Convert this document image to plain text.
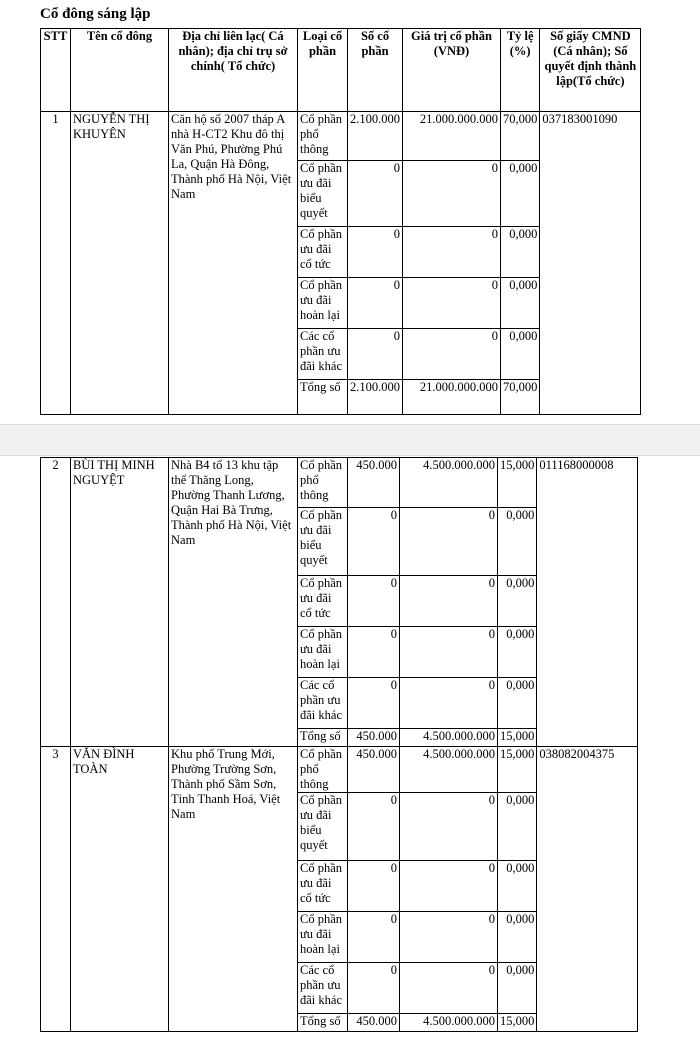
Cổ đông sáng lập
STT	Tên cổ đông	Địa chỉ liên lạc( Cá nhân); địa chỉ trụ sở chính( Tổ chức)	Loại cổ phần	Số cổ phần	Giá trị cổ phần (VNĐ)	Tỷ lệ (%)	Số giấy CMND (Cá nhân); Số quyết định thành lập(Tổ chức)
1	NGUYỄN THỊ KHUYÊN	Căn hộ số 2007 tháp A nhà H-CT2 Khu đô thị Văn Phú, Phường Phú La, Quận Hà Đông, Thành phố Hà Nội, Việt Nam	Cổ phần phổ thông	2.100.000	21.000.000.000	70,000	037183001090
			Cổ phần ưu đãi biểu quyết	0	0	0,000	
			Cổ phần ưu đãi cổ tức	0	0	0,000	
			Cổ phần ưu đãi hoàn lại	0	0	0,000	
			Các cổ phần ưu đãi khác	0	0	0,000	
			Tổng số	2.100.000	21.000.000.000	70,000	
2	BÙI THỊ MINH NGUYỆT	Nhà B4 tổ 13 khu tập thể Thăng Long, Phường Thanh Lương, Quận Hai Bà Trưng, Thành phố Hà Nội, Việt Nam	Cổ phần phổ thông	450.000	4.500.000.000	15,000	011168000008
			Cổ phần ưu đãi biểu quyết	0	0	0,000	
			Cổ phần ưu đãi cổ tức	0	0	0,000	
			Cổ phần ưu đãi hoàn lại	0	0	0,000	
			Các cổ phần ưu đãi khác	0	0	0,000	
			Tổng số	450.000	4.500.000.000	15,000	
3	VĂN ĐÌNH TOÀN	Khu phố Trung Mới, Phường Trường Sơn, Thành phố Sầm Sơn, Tỉnh Thanh Hoá, Việt Nam	Cổ phần phổ thông	450.000	4.500.000.000	15,000	038082004375
			Cổ phần ưu đãi biểu quyết	0	0	0,000	
			Cổ phần ưu đãi cổ tức	0	0	0,000	
			Cổ phần ưu đãi hoàn lại	0	0	0,000	
			Các cổ phần ưu đãi khác	0	0	0,000	
			Tổng số	450.000	4.500.000.000	15,000	
